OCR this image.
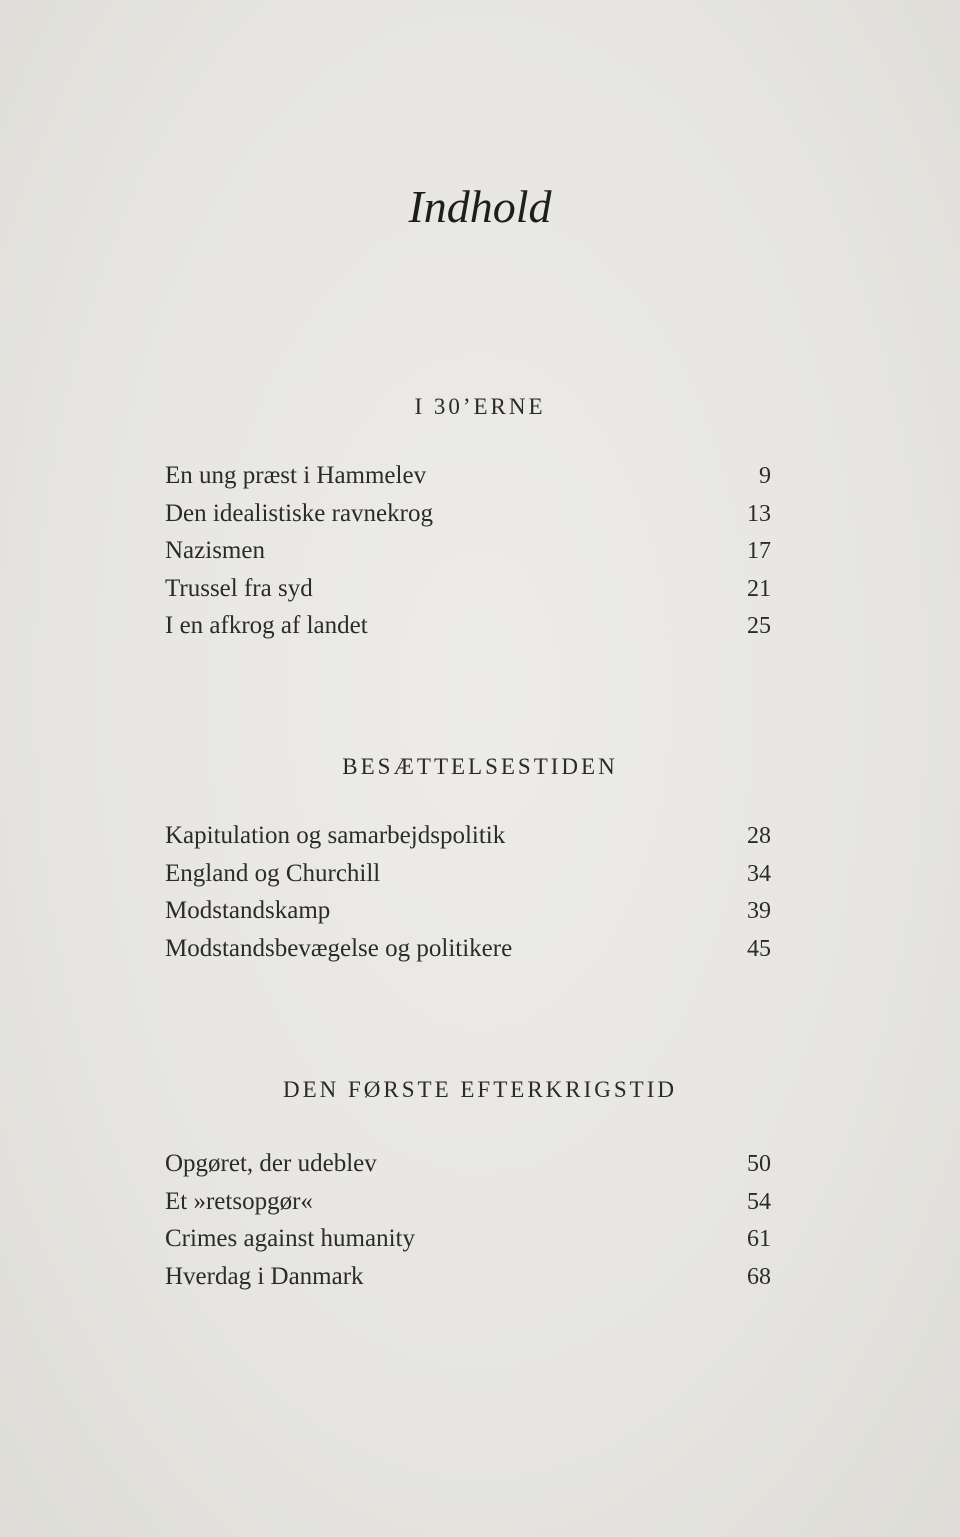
Indhold
I 30’ERNE
En ung præst i Hammelev	9
Den idealistiske ravnekrog	13
Nazismen	17
Trussel fra syd	21
I en afkrog af landet	25
BESÆTTELSESTIDEN
Kapitulation og samarbejdspolitik	28
England og Churchill	34
Modstandskamp	39
Modstandsbevægelse og politikere	45
DEN FØRSTE EFTERKRIGSTID
Opgøret, der udeblev	50
Et »retsopgør«	54
Crimes against humanity	61
Hverdag i Danmark	68
